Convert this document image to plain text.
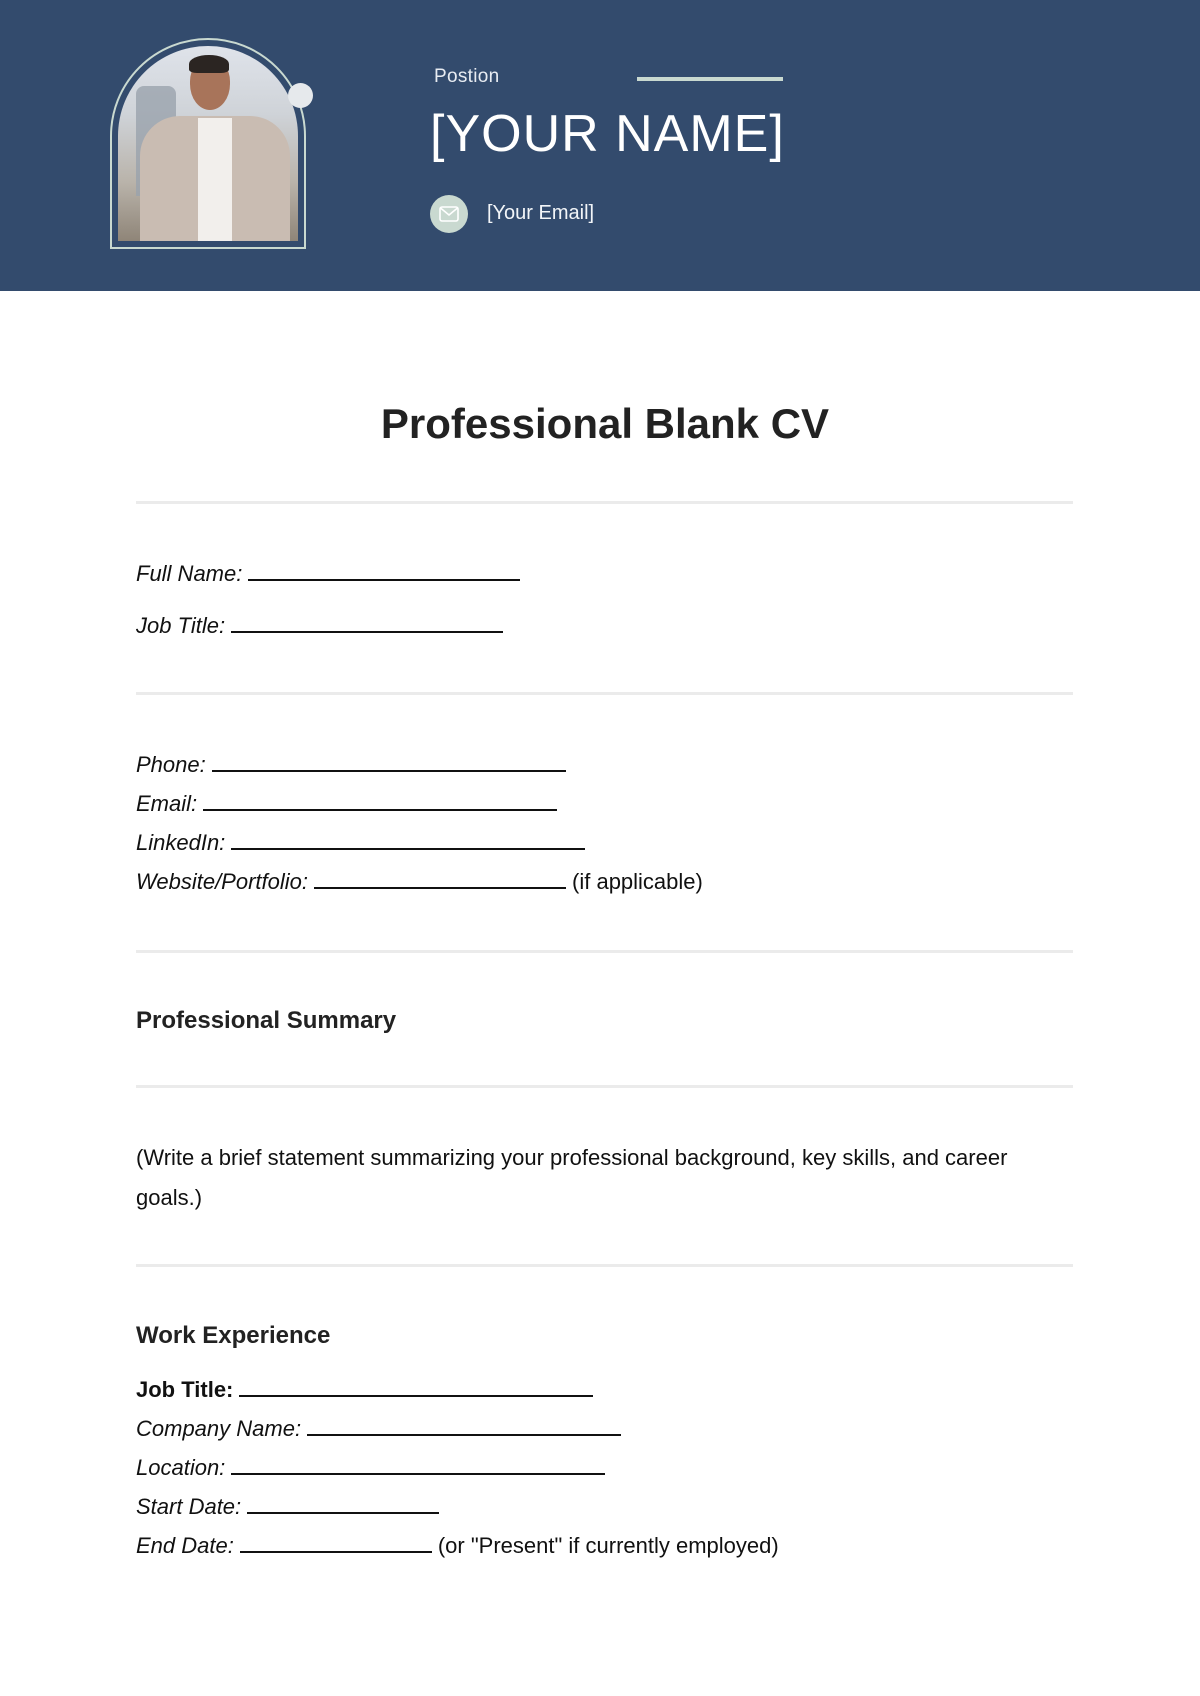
Postion
[YOUR NAME]
[Your Email]
Professional Blank CV
Full Name:
Job Title:
Phone:
Email:
LinkedIn:
Website/Portfolio:	(if applicable)
Professional Summary
(Write a brief statement summarizing your professional background, key skills, and career goals.)
Work Experience
Job Title:
Company Name:
Location:
Start Date:
End Date:	(or "Present" if currently employed)
